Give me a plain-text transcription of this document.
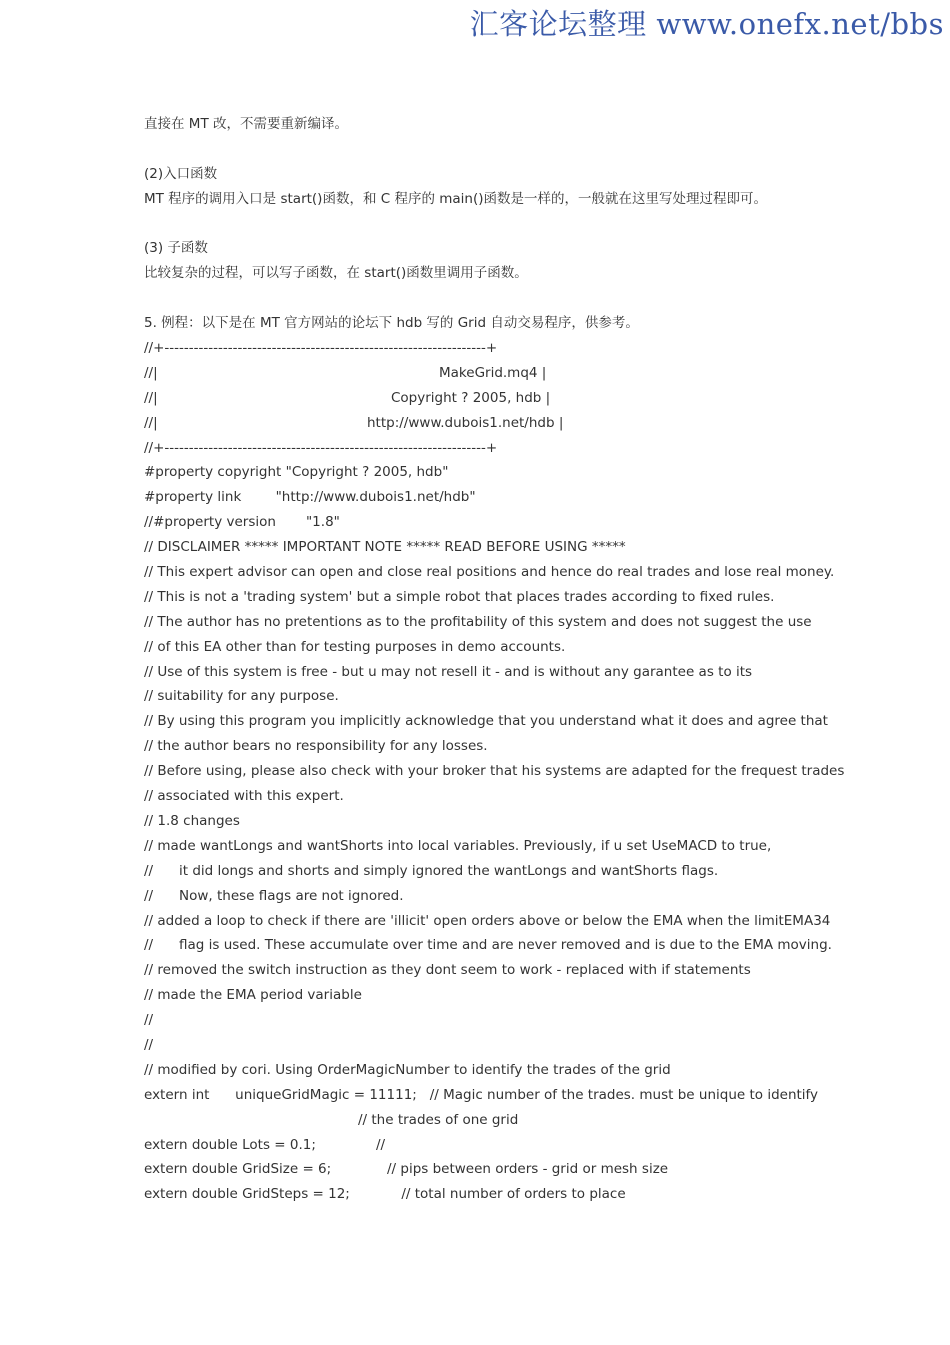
汇客论坛整理 www.onefx.net/bbs
直接在 MT 改，不需要重新编译。
(2)入口函数
MT 程序的调用入口是 start()函数，和 C 程序的 main()函数是一样的，一般就在这里写处理过程即可。
(3) 子函数
比较复杂的过程，可以写子函数，在 start()函数里调用子函数。
5. 例程：以下是在 MT 官方网站的论坛下 hdb 写的 Grid 自动交易程序，供参考。
//+------------------------------------------------------------------+
//|	MakeGrid.mq4 |
//|	Copyright ? 2005, hdb |
//|	http://www.dubois1.net/hdb |
//+------------------------------------------------------------------+
#property copyright "Copyright ? 2005, hdb"
#property link        "http://www.dubois1.net/hdb"
//#property version       "1.8"
// DISCLAIMER ***** IMPORTANT NOTE ***** READ BEFORE USING *****
// This expert advisor can open and close real positions and hence do real trades and lose real money.
// This is not a 'trading system' but a simple robot that places trades according to fixed rules.
// The author has no pretentions as to the profitability of this system and does not suggest the use
// of this EA other than for testing purposes in demo accounts.
// Use of this system is free - but u may not resell it - and is without any garantee as to its
// suitability for any purpose.
// By using this program you implicitly acknowledge that you understand what it does and agree that
// the author bears no responsibility for any losses.
// Before using, please also check with your broker that his systems are adapted for the frequest trades
// associated with this expert.
// 1.8 changes
// made wantLongs and wantShorts into local variables. Previously, if u set UseMACD to true,
// it did longs and shorts and simply ignored the wantLongs and wantShorts flags.
// Now, these flags are not ignored.
// added a loop to check if there are 'illicit' open orders above or below the EMA when the limitEMA34
// flag is used. These accumulate over time and are never removed and is due to the EMA moving.
// removed the switch instruction as they dont seem to work - replaced with if statements
// made the EMA period variable
//
//
// modified by cori. Using OrderMagicNumber to identify the trades of the grid
extern int      uniqueGridMagic = 11111;   // Magic number of the trades. must be unique to identify
// the trades of one grid
extern double Lots = 0.1;              //
extern double GridSize = 6;             // pips between orders - grid or mesh size
extern double GridSteps = 12;            // total number of orders to place
